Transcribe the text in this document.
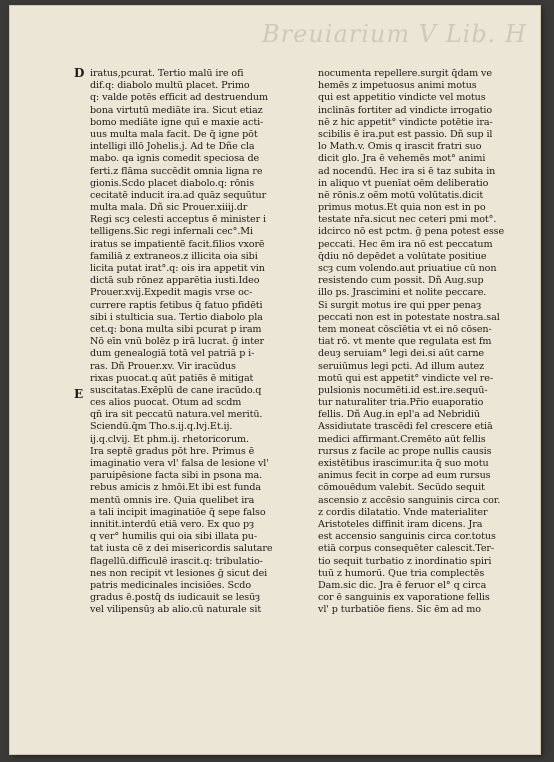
Breuiarium V Lib. H
D
E
iratus,pcurat. Tertio malū ire ofi
dif.q: diabolo multū placet. Primo
q: valde potēs efficit ad destruendum
bona virtutū mediāte ira. Sicut etiaz
bomo mediāte igne quī e maxie acti-
uus multa mala facit. De q̄ igne pōt
intelligi illō Johelis.j. Ad te Dñe cla
mabo. qa ignis comedit speciosa de
ferti.z flāma succēdit omnia ligna re
gionis.Scdo placet diabolo.q: rōnis
cecitatē inducit ira.ad quāz sequūtur
multa mala. Dñ sic Prouer.xiiij.dr
Regi scȝ celesti acceptus ē minister i
telligens.Sic regi infernali cec°.Mi
iratus se impatientē facit.filios vxorē
familiā z extraneos.z illicita oia sibi
licita putat irat°.q: ois ira appetit vin
dictā sub rōnez apparētia iusti.Ideo
Prouer.xvij.Expedit magis vrse oc-
currere raptis fetibus q̄ fatuo pfidēti
sibi i stulticia sua. Tertio diabolo pla
cet.q: bona multa sibi pcurat p iram
Nō eīn vnū bolēz p irā lucrat. ḡ inter
dum genealogiā totā vel patriā p i-
ras. Dñ Prouer.xv. Vir iracūdus
rixas puocat.q aūt patiēs ē mitigat
suscitatas.Exēplū de cane iracūdo.q
ces alios puocat. Otum ad scdm
qn̄ ira sit peccatū natura.vel meritū.
Sciendū.q̄m Tho.s.ij.q.lvj.Et.ij.
ij.q.clvij. Et phm.ij. rhetoricorum.
Ira septē gradus pōt hre. Primus ē
imaginatio vera vl' falsa de lesione vl'
paruipēsione facta sibi in psona ma.
rebus amicis z hmōi.Et ibi est funda
mentū omnis ire. Quia quelibet ira
a tali incipit imaginatiōe q̄ sepe falso
innitit.interdū etiā vero. Ex quo pȝ
q ver° humilis qui oia sibi illata pu-
tat iusta cē z dei misericordis salutare
flagellū.difficulē irascit.q: tribulatio-
nes non recipit vt lesiones ḡ sicut dei
patris medicinales incisiōes. Scdo
gradus ē.postq̄ ds iudicauit se lesūȝ
vel vilipensūȝ ab alio.cū naturale sit
nocumenta repellere.surgit q̄dam ve
hemēs z impetuosus animi motus
qui est appetitio vindicte vel motus
inclinās fortiter ad vindicte irrogatio
nē z hic appetit° vindicte potētie ira-
scibilis ē ira.put est passio. Dñ sup il
lo Math.v. Omis q irascit fratri suo
dicit glo. Jra ē vehemēs mot° animi
ad nocendū. Hec ira si ē taz subita in
in aliquo vt puenīat oēm deliberatio
nē rōnis.z oēm motū volūtatis.dicit
primus motus.Et quia non est in po
testate nr̄a.sicut nec ceteri pmi mot°.
idcirco nō est pctm. ḡ pena potest esse
peccati. Hec ēm ira nō est peccatum
q̄diu nō depēdet a volūtate positiue
scȝ cum volendo.aut priuatiue cū non
resistendo cum possit. Dñ Aug.sup
illo ps. Jrascimini et nolite peccare.
Si surgit motus ire qui pper penaȝ
peccati non est in potestate nostra.sal
tem moneat cōscīētia vt ei nō cōsen-
tiat rō. vt mente que regulata est fm
deuȝ seruiam° legi dei.si aūt carne
seruiūmus legi pcti. Ad illum autez
motū qui est appetit° vindicte vel re-
pulsionis nocumēti.id est.ire.sequū-
tur naturaliter tria.Pr̄io euaporatio
fellis. Dñ Aug.in epl'a ad Nebridiū
Assidiutate trascēdi fel crescere etiā
medici affirmant.Cremēto aūt fellis
rursus z facile ac prope nullis causis
existētibus irascimur.ita q̄ suo motu
animus fecit in corpe ad eum rursus
cōmouēdum valebit. Secūdo sequit
ascensio z accēsio sanguinis circa cor.
z cordis dilatatio. Vnde materialiter
Aristoteles diffinit iram dicens. Jra
est accensio sanguinis circa cor.totus
etiā corpus consequēter calescit.Ter-
tio sequit turbatio z inordinatio spiri
tuū z humorū. Que tria complectēs
Dam.sic dic. Jra ē feruor el° q circa
cor ē sanguinis ex vaporatione fellis
vl' p turbatiōe fiens. Sic ēm ad mo
